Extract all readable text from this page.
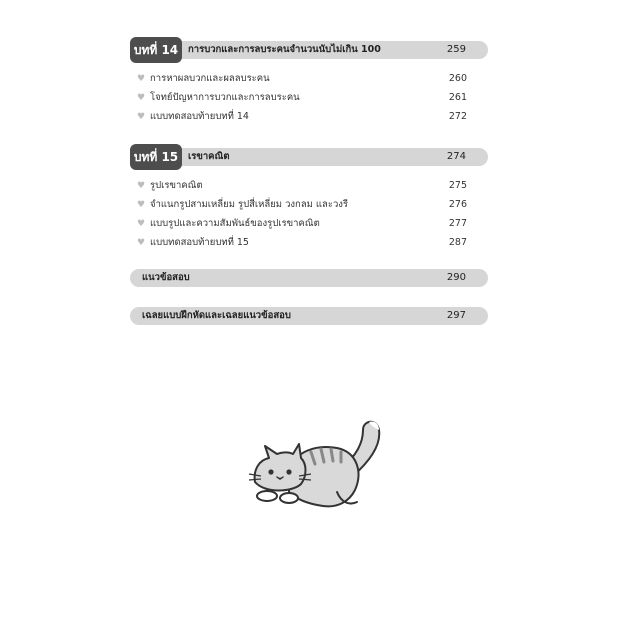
บทที่ 14	การบวกและการลบระคนจำนวนนับไม่เกิน 100	259
♥ การหาผลบวกและผลลบระคน	260
♥ โจทย์ปัญหาการบวกและการลบระคน	261
♥ แบบทดสอบท้ายบทที่ 14	272
บทที่ 15	เรขาคณิต	274
♥ รูปเรขาคณิต	275
♥ จำแนกรูปสามเหลี่ยม รูปสี่เหลี่ยม วงกลม และวงรี	276
♥ แบบรูปและความสัมพันธ์ของรูปเรขาคณิต	277
♥ แบบทดสอบท้ายบทที่ 15	287
แนวข้อสอบ	290
เฉลยแบบฝึกหัดและเฉลยแนวข้อสอบ	297
